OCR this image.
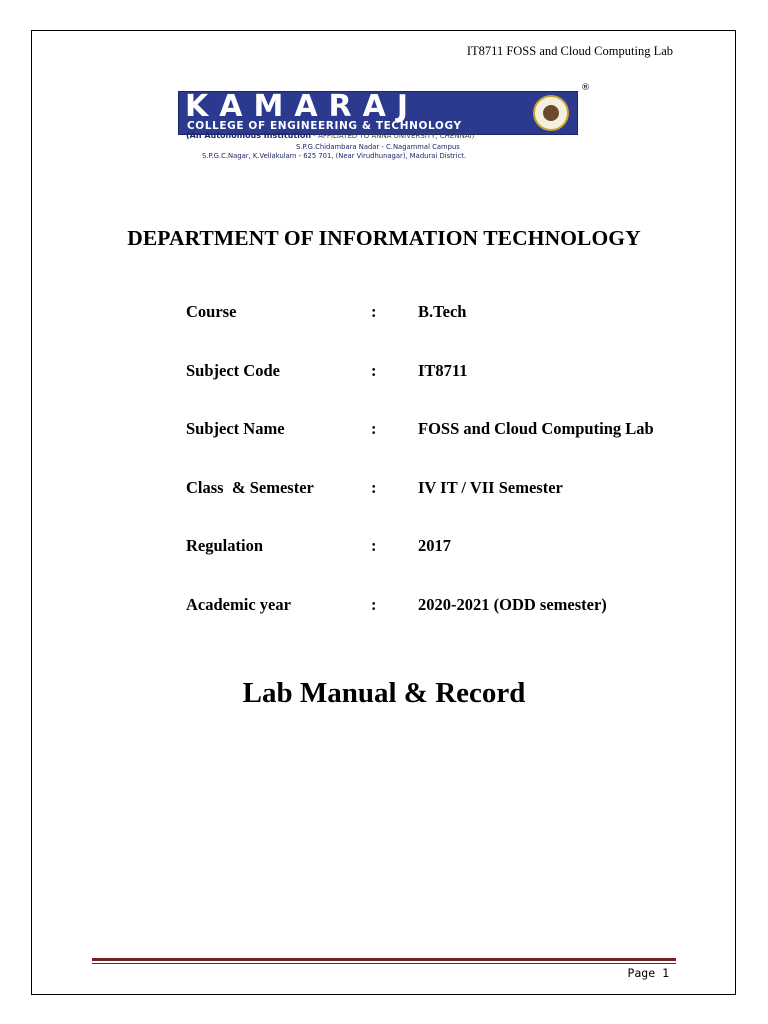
IT8711 FOSS and Cloud Computing Lab
KAMARAJ
COLLEGE OF ENGINEERING & TECHNOLOGY
®
(An Autonomous Institution - AFFILIATED TO ANNA UNIVERSITY, CHENNAI)
S.P.G.Chidambara Nadar - C.Nagammal Campus
S.P.G.C.Nagar, K.Vellakulam - 625 701, (Near Virudhunagar), Madurai District.
DEPARTMENT OF INFORMATION TECHNOLOGY
Course	:	B.Tech
Subject Code	:	IT8711
Subject Name	:	FOSS and Cloud Computing Lab
Class  & Semester	:	IV IT / VII Semester
Regulation	:	2017
Academic year	:	2020-2021 (ODD semester)
Lab Manual & Record
Page 1
